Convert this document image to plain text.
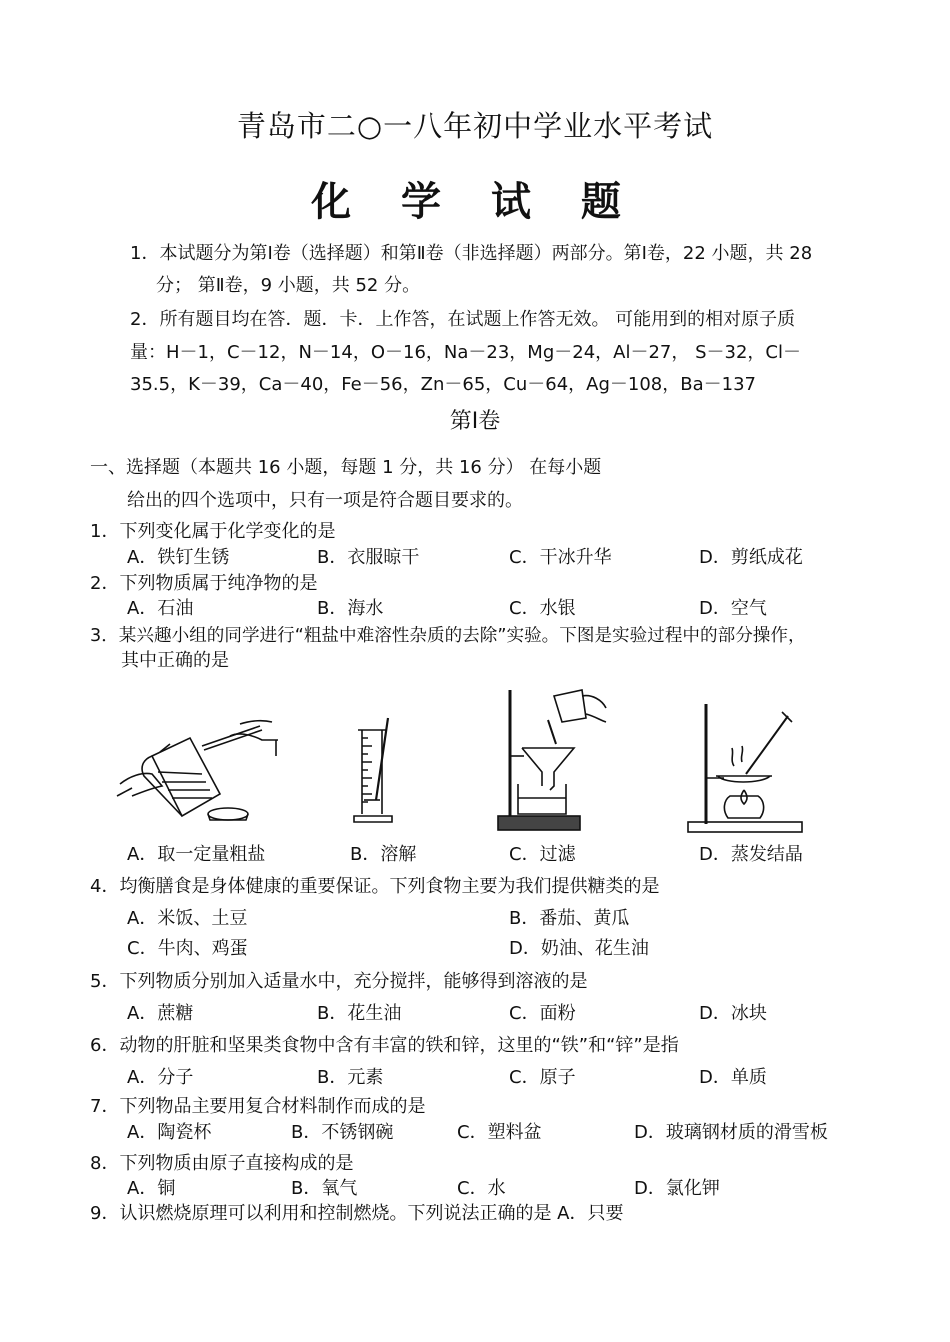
青岛市二○一八年初中学业水平考试
化 学 试 题
1．本试题分为第Ⅰ卷（选择题）和第Ⅱ卷（非选择题）两部分。第Ⅰ卷，22 小题，共 28
分； 第Ⅱ卷，9 小题，共 52 分。
2．所有题目均在答．题．卡．上作答，在试题上作答无效。 可能用到的相对原子质
量：H－1，C－12，N－14，O－16，Na－23，Mg－24，Al－27， S－32，Cl－
35.5，K－39，Ca－40，Fe－56，Zn－65，Cu－64，Ag－108，Ba－137
第Ⅰ卷
一、选择题（本题共 16 小题，每题 1 分，共 16 分） 在每小题
给出的四个选项中，只有一项是符合题目要求的。
1．下列变化属于化学变化的是
A．铁钉生锈	B．衣服晾干	C．干冰升华	D．剪纸成花
2．下列物质属于纯净物的是
A．石油	B．海水	C．水银	D．空气
3．某兴趣小组的同学进行“粗盐中难溶性杂质的去除”实验。下图是实验过程中的部分操作，
其中正确的是
A．取一定量粗盐	B．溶解	C．过滤	D．蒸发结晶
4．均衡膳食是身体健康的重要保证。下列食物主要为我们提供糖类的是
A．米饭、土豆	B．番茄、黄瓜
C．牛肉、鸡蛋	D．奶油、花生油
5．下列物质分别加入适量水中，充分搅拌，能够得到溶液的是
A．蔗糖	B．花生油	C．面粉	D．冰块
6．动物的肝脏和坚果类食物中含有丰富的铁和锌，这里的“铁”和“锌”是指
A．分子	B．元素	C．原子	D．单质
7．下列物品主要用复合材料制作而成的是
A．陶瓷杯	B．不锈钢碗	C．塑料盆	D．玻璃钢材质的滑雪板
8．下列物质由原子直接构成的是
A．铜	B．氧气	C．水	D．氯化钾
9．认识燃烧原理可以利用和控制燃烧。下列说法正确的是 A．只要
